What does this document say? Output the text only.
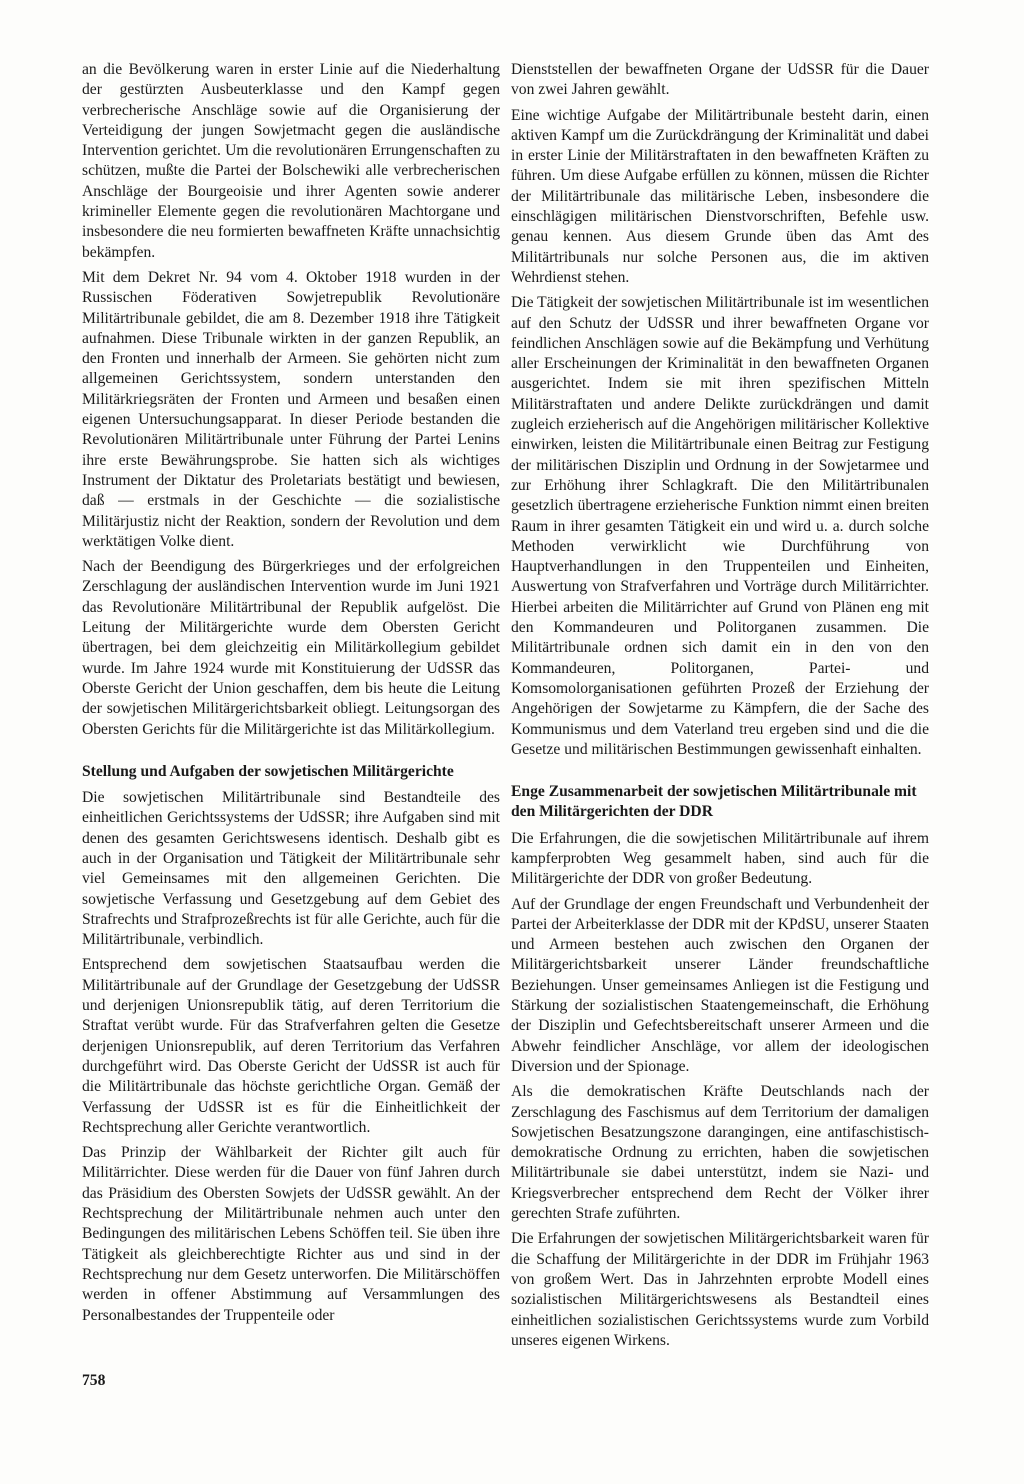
an die Bevölkerung waren in erster Linie auf die Niederhaltung der gestürzten Ausbeuterklasse und den Kampf gegen verbrecherische Anschläge sowie auf die Organisierung der Verteidigung der jungen Sowjetmacht gegen die ausländische Intervention gerichtet. Um die revolutionären Errungenschaften zu schützen, mußte die Partei der Bolschewiki alle verbrecherischen Anschläge der Bourgeoisie und ihrer Agenten sowie anderer krimineller Elemente gegen die revolutionären Machtorgane und insbesondere die neu formierten bewaffneten Kräfte unnachsichtig bekämpfen.

Mit dem Dekret Nr. 94 vom 4. Oktober 1918 wurden in der Russischen Föderativen Sowjetrepublik Revolutionäre Militärtribunale gebildet, die am 8. Dezember 1918 ihre Tätigkeit aufnahmen. Diese Tribunale wirkten in der ganzen Republik, an den Fronten und innerhalb der Armeen. Sie gehörten nicht zum allgemeinen Gerichtssystem, sondern unterstanden den Militärkriegsräten der Fronten und Armeen und besaßen einen eigenen Untersuchungsapparat. In dieser Periode bestanden die Revolutionären Militärtribunale unter Führung der Partei Lenins ihre erste Bewährungsprobe. Sie hatten sich als wichtiges Instrument der Diktatur des Proletariats bestätigt und bewiesen, daß — erstmals in der Geschichte — die sozialistische Militärjustiz nicht der Reaktion, sondern der Revolution und dem werktätigen Volke dient.

Nach der Beendigung des Bürgerkrieges und der erfolgreichen Zerschlagung der ausländischen Intervention wurde im Juni 1921 das Revolutionäre Militärtribunal der Republik aufgelöst. Die Leitung der Militärgerichte wurde dem Obersten Gericht übertragen, bei dem gleichzeitig ein Militärkollegium gebildet wurde. Im Jahre 1924 wurde mit Konstituierung der UdSSR das Oberste Gericht der Union geschaffen, dem bis heute die Leitung der sowjetischen Militärgerichtsbarkeit obliegt. Leitungsorgan des Obersten Gerichts für die Militärgerichte ist das Militärkollegium.

Stellung und Aufgaben der sowjetischen Militärgerichte

Die sowjetischen Militärtribunale sind Bestandteile des einheitlichen Gerichtssystems der UdSSR; ihre Aufgaben sind mit denen des gesamten Gerichtswesens identisch. Deshalb gibt es auch in der Organisation und Tätigkeit der Militärtribunale sehr viel Gemeinsames mit den allgemeinen Gerichten. Die sowjetische Verfassung und Gesetzgebung auf dem Gebiet des Strafrechts und Strafprozeßrechts ist für alle Gerichte, auch für die Militärtribunale, verbindlich.

Entsprechend dem sowjetischen Staatsaufbau werden die Militärtribunale auf der Grundlage der Gesetzgebung der UdSSR und derjenigen Unionsrepublik tätig, auf deren Territorium die Straftat verübt wurde. Für das Strafverfahren gelten die Gesetze derjenigen Unionsrepublik, auf deren Territorium das Verfahren durchgeführt wird. Das Oberste Gericht der UdSSR ist auch für die Militärtribunale das höchste gerichtliche Organ. Gemäß der Verfassung der UdSSR ist es für die Einheitlichkeit der Rechtsprechung aller Gerichte verantwortlich.

Das Prinzip der Wählbarkeit der Richter gilt auch für Militärrichter. Diese werden für die Dauer von fünf Jahren durch das Präsidium des Obersten Sowjets der UdSSR gewählt. An der Rechtsprechung der Militärtribunale nehmen auch unter den Bedingungen des militärischen Lebens Schöffen teil. Sie üben ihre Tätigkeit als gleichberechtigte Richter aus und sind in der Rechtsprechung nur dem Gesetz unterworfen. Die Militärschöffen werden in offener Abstimmung auf Versammlungen des Personalbestandes der Truppenteile oder

Dienststellen der bewaffneten Organe der UdSSR für die Dauer von zwei Jahren gewählt.

Eine wichtige Aufgabe der Militärtribunale besteht darin, einen aktiven Kampf um die Zurückdrängung der Kriminalität und dabei in erster Linie der Militärstraftaten in den bewaffneten Kräften zu führen. Um diese Aufgabe erfüllen zu können, müssen die Richter der Militärtribunale das militärische Leben, insbesondere die einschlägigen militärischen Dienstvorschriften, Befehle usw. genau kennen. Aus diesem Grunde üben das Amt des Militärtribunals nur solche Personen aus, die im aktiven Wehrdienst stehen.

Die Tätigkeit der sowjetischen Militärtribunale ist im wesentlichen auf den Schutz der UdSSR und ihrer bewaffneten Organe vor feindlichen Anschlägen sowie auf die Bekämpfung und Verhütung aller Erscheinungen der Kriminalität in den bewaffneten Organen ausgerichtet. Indem sie mit ihren spezifischen Mitteln Militärstraftaten und andere Delikte zurückdrängen und damit zugleich erzieherisch auf die Angehörigen militärischer Kollektive einwirken, leisten die Militärtribunale einen Beitrag zur Festigung der militärischen Disziplin und Ordnung in der Sowjetarmee und zur Erhöhung ihrer Schlagkraft. Die den Militärtribunalen gesetzlich übertragene erzieherische Funktion nimmt einen breiten Raum in ihrer gesamten Tätigkeit ein und wird u. a. durch solche Methoden verwirklicht wie Durchführung von Hauptverhandlungen in den Truppenteilen und Einheiten, Auswertung von Strafverfahren und Vorträge durch Militärrichter. Hierbei arbeiten die Militärrichter auf Grund von Plänen eng mit den Kommandeuren und Politorganen zusammen. Die Militärtribunale ordnen sich damit ein in den von den Kommandeuren, Politorganen, Partei- und Komsomolorganisationen geführten Prozeß der Erziehung der Angehörigen der Sowjetarme zu Kämpfern, die der Sache des Kommunismus und dem Vaterland treu ergeben sind und die die Gesetze und militärischen Bestimmungen gewissenhaft einhalten.

Enge Zusammenarbeit der sowjetischen Militärtribunale mit den Militärgerichten der DDR

Die Erfahrungen, die die sowjetischen Militärtribunale auf ihrem kampferprobten Weg gesammelt haben, sind auch für die Militärgerichte der DDR von großer Bedeutung.

Auf der Grundlage der engen Freundschaft und Verbundenheit der Partei der Arbeiterklasse der DDR mit der KPdSU, unserer Staaten und Armeen bestehen auch zwischen den Organen der Militärgerichtsbarkeit unserer Länder freundschaftliche Beziehungen. Unser gemeinsames Anliegen ist die Festigung und Stärkung der sozialistischen Staatengemeinschaft, die Erhöhung der Disziplin und Gefechtsbereitschaft unserer Armeen und die Abwehr feindlicher Anschläge, vor allem der ideologischen Diversion und der Spionage.

Als die demokratischen Kräfte Deutschlands nach der Zerschlagung des Faschismus auf dem Territorium der damaligen Sowjetischen Besatzungszone darangingen, eine antifaschistisch-demokratische Ordnung zu errichten, haben die sowjetischen Militärtribunale sie dabei unterstützt, indem sie Nazi- und Kriegsverbrecher entsprechend dem Recht der Völker ihrer gerechten Strafe zuführten.

Die Erfahrungen der sowjetischen Militärgerichtsbarkeit waren für die Schaffung der Militärgerichte in der DDR im Frühjahr 1963 von großem Wert. Das in Jahrzehnten erprobte Modell eines sozialistischen Militärgerichtswesens als Bestandteil eines einheitlichen sozialistischen Gerichtssystems wurde zum Vorbild unseres eigenen Wirkens.

758
